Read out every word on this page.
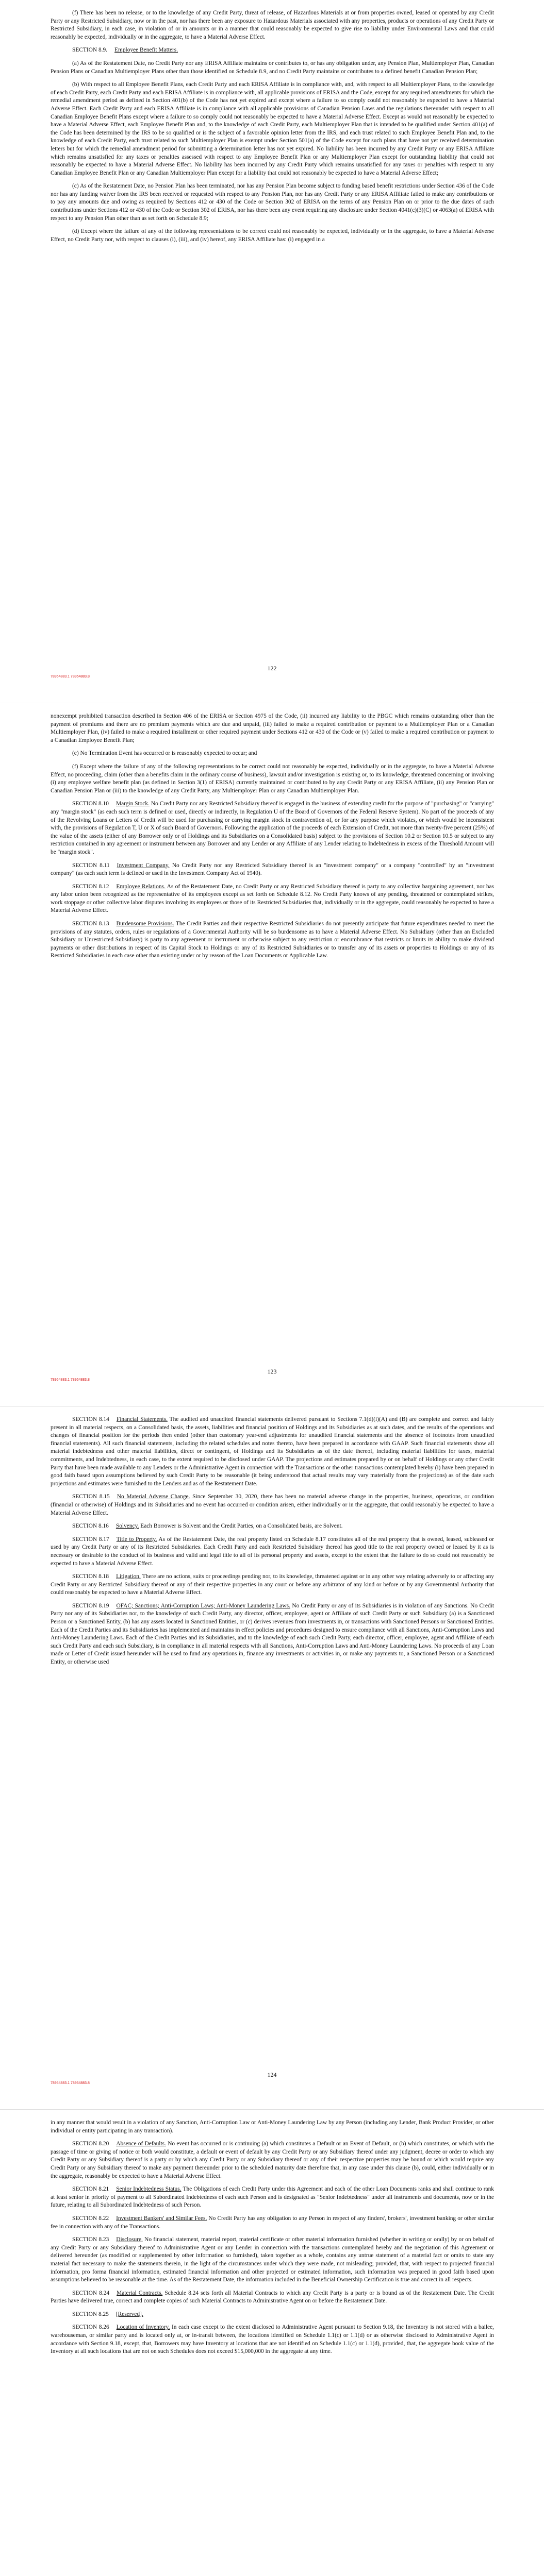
(f) There has been no release, or to the knowledge of any Credit Party, threat of release, of Hazardous Materials at or from properties owned, leased or operated by any Credit Party or any Restricted Subsidiary, now or in the past, nor has there been any exposure to Hazardous Materials associated with any properties, products or operations of any Credit Party or Restricted Subsidiary, in each case, in violation of or in amounts or in a manner that could reasonably be expected to give rise to liability under Environmental Laws and that could reasonably be expected, individually or in the aggregate, to have a Material Adverse Effect.

SECTION 8.9. Employee Benefit Matters.

(a) As of the Restatement Date, no Credit Party nor any ERISA Affiliate maintains or contributes to, or has any obligation under, any Pension Plan, Multiemployer Plan, Canadian Pension Plans or Canadian Multiemployer Plans other than those identified on Schedule 8.9, and no Credit Party maintains or contributes to a defined benefit Canadian Pension Plan;

(b) With respect to all Employee Benefit Plans, each Credit Party and each ERISA Affiliate is in compliance with, and, with respect to all Multiemployer Plans, to the knowledge of each Credit Party, each Credit Party and each ERISA Affiliate is in compliance with, all applicable provisions of ERISA and the Code, except for any required amendments for which the remedial amendment period as defined in Section 401(b) of the Code has not yet expired and except where a failure to so comply could not reasonably be expected to have a Material Adverse Effect. Each Credit Party and each ERISA Affiliate is in compliance with all applicable provisions of Canadian Pension Laws and the regulations thereunder with respect to all Canadian Employee Benefit Plans except where a failure to so comply could not reasonably be expected to have a Material Adverse Effect. Except as would not reasonably be expected to have a Material Adverse Effect, each Employee Benefit Plan and, to the knowledge of each Credit Party, each Multiemployer Plan that is intended to be qualified under Section 401(a) of the Code has been determined by the IRS to be so qualified or is the subject of a favorable opinion letter from the IRS, and each trust related to such Employee Benefit Plan and, to the knowledge of each Credit Party, each trust related to such Multiemployer Plan is exempt under Section 501(a) of the Code except for such plans that have not yet received determination letters but for which the remedial amendment period for submitting a determination letter has not yet expired. No liability has been incurred by any Credit Party or any ERISA Affiliate which remains unsatisfied for any taxes or penalties assessed with respect to any Employee Benefit Plan or any Multiemployer Plan except for outstanding liability that could not reasonably be expected to have a Material Adverse Effect. No liability has been incurred by any Credit Party which remains unsatisfied for any taxes or penalties with respect to any Canadian Employee Benefit Plan or any Canadian Multiemployer Plan except for a liability that could not reasonably be expected to have a Material Adverse Effect;

(c) As of the Restatement Date, no Pension Plan has been terminated, nor has any Pension Plan become subject to funding based benefit restrictions under Section 436 of the Code nor has any funding waiver from the IRS been received or requested with respect to any Pension Plan, nor has any Credit Party or any ERISA Affiliate failed to make any contributions or to pay any amounts due and owing as required by Sections 412 or 430 of the Code or Section 302 of ERISA on the terms of any Pension Plan on or prior to the due dates of such contributions under Sections 412 or 430 of the Code or Section 302 of ERISA, nor has there been any event requiring any disclosure under Section 4041(c)(3)(C) or 4063(a) of ERISA with respect to any Pension Plan other than as set forth on Schedule 8.9;

(d) Except where the failure of any of the following representations to be correct could not reasonably be expected, individually or in the aggregate, to have a Material Adverse Effect, no Credit Party nor, with respect to clauses (i), (iii), and (iv) hereof, any ERISA Affiliate has: (i) engaged in a

122
78954883.1 78954883.8

nonexempt prohibited transaction described in Section 406 of the ERISA or Section 4975 of the Code, (ii) incurred any liability to the PBGC which remains outstanding other than the payment of premiums and there are no premium payments which are due and unpaid, (iii) failed to make a required contribution or payment to a Multiemployer Plan or a Canadian Multiemployer Plan, (iv) failed to make a required installment or other required payment under Sections 412 or 430 of the Code or (v) failed to make a required contribution or payment to a Canadian Employee Benefit Plan;

(e) No Termination Event has occurred or is reasonably expected to occur; and

(f) Except where the failure of any of the following representations to be correct could not reasonably be expected, individually or in the aggregate, to have a Material Adverse Effect, no proceeding, claim (other than a benefits claim in the ordinary course of business), lawsuit and/or investigation is existing or, to its knowledge, threatened concerning or involving (i) any employee welfare benefit plan (as defined in Section 3(1) of ERISA) currently maintained or contributed to by any Credit Party or any ERISA Affiliate, (ii) any Pension Plan or Canadian Pension Plan or (iii) to the knowledge of any Credit Party, any Multiemployer Plan or any Canadian Multiemployer Plan.

SECTION 8.10 Margin Stock. No Credit Party nor any Restricted Subsidiary thereof is engaged in the business of extending credit for the purpose of "purchasing" or "carrying" any "margin stock" (as each such term is defined or used, directly or indirectly, in Regulation U of the Board of Governors of the Federal Reserve System). No part of the proceeds of any of the Revolving Loans or Letters of Credit will be used for purchasing or carrying margin stock in contravention of, or for any purpose which violates, or which would be inconsistent with, the provisions of Regulation T, U or X of such Board of Governors. Following the application of the proceeds of each Extension of Credit, not more than twenty-five percent (25%) of the value of the assets (either of any Borrower only or of Holdings and its Subsidiaries on a Consolidated basis) subject to the provisions of Section 10.2 or Section 10.5 or subject to any restriction contained in any agreement or instrument between any Borrower and any Lender or any Affiliate of any Lender relating to Indebtedness in excess of the Threshold Amount will be "margin stock".

SECTION 8.11 Investment Company. No Credit Party nor any Restricted Subsidiary thereof is an "investment company" or a company "controlled" by an "investment company" (as each such term is defined or used in the Investment Company Act of 1940).

SECTION 8.12 Employee Relations. As of the Restatement Date, no Credit Party or any Restricted Subsidiary thereof is party to any collective bargaining agreement, nor has any labor union been recognized as the representative of its employees except as set forth on Schedule 8.12. No Credit Party knows of any pending, threatened or contemplated strikes, work stoppage or other collective labor disputes involving its employees or those of its Restricted Subsidiaries that, individually or in the aggregate, could reasonably be expected to have a Material Adverse Effect.

SECTION 8.13 Burdensome Provisions. The Credit Parties and their respective Restricted Subsidiaries do not presently anticipate that future expenditures needed to meet the provisions of any statutes, orders, rules or regulations of a Governmental Authority will be so burdensome as to have a Material Adverse Effect. No Subsidiary (other than an Excluded Subsidiary or Unrestricted Subsidiary) is party to any agreement or instrument or otherwise subject to any restriction or encumbrance that restricts or limits its ability to make dividend payments or other distributions in respect of its Capital Stock to Holdings or any of its Restricted Subsidiaries or to transfer any of its assets or properties to Holdings or any of its Restricted Subsidiaries in each case other than existing under or by reason of the Loan Documents or Applicable Law.

123
78954883.1 78954883.8

SECTION 8.14 Financial Statements. The audited and unaudited financial statements delivered pursuant to Sections 7.1(d)(i)(A) and (B) are complete and correct and fairly present in all material respects, on a Consolidated basis, the assets, liabilities and financial position of Holdings and its Subsidiaries as at such dates, and the results of the operations and changes of financial position for the periods then ended (other than customary year-end adjustments for unaudited financial statements and the absence of footnotes from unaudited financial statements). All such financial statements, including the related schedules and notes thereto, have been prepared in accordance with GAAP. Such financial statements show all material indebtedness and other material liabilities, direct or contingent, of Holdings and its Subsidiaries as of the date thereof, including material liabilities for taxes, material commitments, and Indebtedness, in each case, to the extent required to be disclosed under GAAP. The projections and estimates prepared by or on behalf of Holdings or any other Credit Party that have been made available to any Lenders or the Administrative Agent in connection with the Transactions or the other transactions contemplated hereby (i) have been prepared in good faith based upon assumptions believed by such Credit Party to be reasonable (it being understood that actual results may vary materially from the projections) as of the date such projections and estimates were furnished to the Lenders and as of the Restatement Date.

SECTION 8.15 No Material Adverse Change. Since September 30, 2020, there has been no material adverse change in the properties, business, operations, or condition (financial or otherwise) of Holdings and its Subsidiaries and no event has occurred or condition arisen, either individually or in the aggregate, that could reasonably be expected to have a Material Adverse Effect.

SECTION 8.16 Solvency. Each Borrower is Solvent and the Credit Parties, on a Consolidated basis, are Solvent.

SECTION 8.17 Title to Property. As of the Restatement Date, the real property listed on Schedule 8.17 constitutes all of the real property that is owned, leased, subleased or used by any Credit Party or any of its Restricted Subsidiaries. Each Credit Party and each Restricted Subsidiary thereof has good title to the real property owned or leased by it as is necessary or desirable to the conduct of its business and valid and legal title to all of its personal property and assets, except to the extent that the failure to do so could not reasonably be expected to have a Material Adverse Effect.

SECTION 8.18 Litigation. There are no actions, suits or proceedings pending nor, to its knowledge, threatened against or in any other way relating adversely to or affecting any Credit Party or any Restricted Subsidiary thereof or any of their respective properties in any court or before any arbitrator of any kind or before or by any Governmental Authority that could reasonably be expected to have a Material Adverse Effect.

SECTION 8.19 OFAC; Sanctions; Anti-Corruption Laws; Anti-Money Laundering Laws. No Credit Party or any of its Subsidiaries is in violation of any Sanctions. No Credit Party nor any of its Subsidiaries nor, to the knowledge of such Credit Party, any director, officer, employee, agent or Affiliate of such Credit Party or such Subsidiary (a) is a Sanctioned Person or a Sanctioned Entity, (b) has any assets located in Sanctioned Entities, or (c) derives revenues from investments in, or transactions with Sanctioned Persons or Sanctioned Entities. Each of the Credit Parties and its Subsidiaries has implemented and maintains in effect policies and procedures designed to ensure compliance with all Sanctions, Anti-Corruption Laws and Anti-Money Laundering Laws. Each of the Credit Parties and its Subsidiaries, and to the knowledge of each such Credit Party, each director, officer, employee, agent and Affiliate of each such Credit Party and each such Subsidiary, is in compliance in all material respects with all Sanctions, Anti-Corruption Laws and Anti-Money Laundering Laws. No proceeds of any Loan made or Letter of Credit issued hereunder will be used to fund any operations in, finance any investments or activities in, or make any payments to, a Sanctioned Person or a Sanctioned Entity, or otherwise used

124
78954883.1 78954883.8

in any manner that would result in a violation of any Sanction, Anti-Corruption Law or Anti-Money Laundering Law by any Person (including any Lender, Bank Product Provider, or other individual or entity participating in any transaction).

SECTION 8.20 Absence of Defaults. No event has occurred or is continuing (a) which constitutes a Default or an Event of Default, or (b) which constitutes, or which with the passage of time or giving of notice or both would constitute, a default or event of default by any Credit Party or any Subsidiary thereof under any judgment, decree or order to which any Credit Party or any Subsidiary thereof is a party or by which any Credit Party or any Subsidiary thereof or any of their respective properties may be bound or which would require any Credit Party or any Subsidiary thereof to make any payment thereunder prior to the scheduled maturity date therefore that, in any case under this clause (b), could, either individually or in the aggregate, reasonably be expected to have a Material Adverse Effect.

SECTION 8.21 Senior Indebtedness Status. The Obligations of each Credit Party under this Agreement and each of the other Loan Documents ranks and shall continue to rank at least senior in priority of payment to all Subordinated Indebtedness of each such Person and is designated as "Senior Indebtedness" under all instruments and documents, now or in the future, relating to all Subordinated Indebtedness of such Person.

SECTION 8.22 Investment Bankers' and Similar Fees. No Credit Party has any obligation to any Person in respect of any finders', brokers', investment banking or other similar fee in connection with any of the Transactions.

SECTION 8.23 Disclosure. No financial statement, material report, material certificate or other material information furnished (whether in writing or orally) by or on behalf of any Credit Party or any Subsidiary thereof to Administrative Agent or any Lender in connection with the transactions contemplated hereby and the negotiation of this Agreement or delivered hereunder (as modified or supplemented by other information so furnished), taken together as a whole, contains any untrue statement of a material fact or omits to state any material fact necessary to make the statements therein, in the light of the circumstances under which they were made, not misleading; provided, that, with respect to projected financial information, pro forma financial information, estimated financial information and other projected or estimated information, such information was prepared in good faith based upon assumptions believed to be reasonable at the time. As of the Restatement Date, the information included in the Beneficial Ownership Certification is true and correct in all respects.

SECTION 8.24 Material Contracts. Schedule 8.24 sets forth all Material Contracts to which any Credit Party is a party or is bound as of the Restatement Date. The Credit Parties have delivered true, correct and complete copies of such Material Contracts to Administrative Agent on or before the Restatement Date.

SECTION 8.25 [Reserved].

SECTION 8.26 Location of Inventory. In each case except to the extent disclosed to Administrative Agent pursuant to Section 9.18, the Inventory is not stored with a bailee, warehouseman, or similar party and is located only at, or in-transit between, the locations identified on Schedule 1.1(c) or 1.1(d) or as otherwise disclosed to Administrative Agent in accordance with Section 9.18, except, that, Borrowers may have Inventory at locations that are not identified on Schedule 1.1(c) or 1.1(d), provided, that, the aggregate book value of the Inventory at all such locations that are not on such Schedules does not exceed $15,000,000 in the aggregate at any time.
